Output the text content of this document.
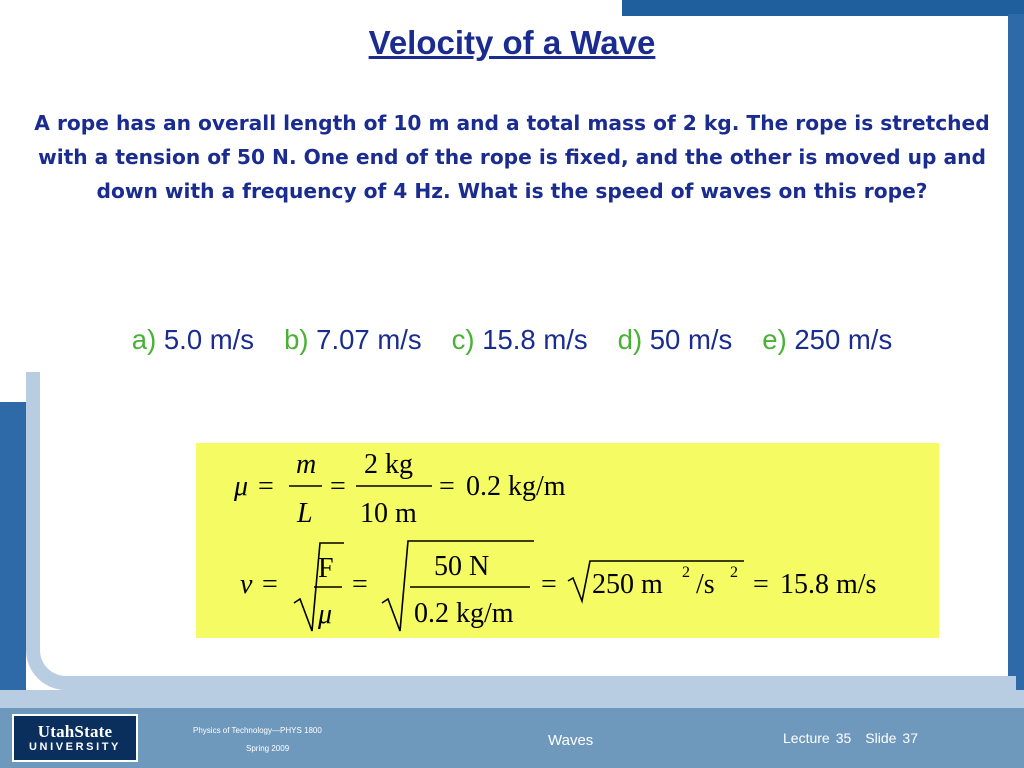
Velocity of a Wave
A rope has an overall length of 10 m and a total mass of 2 kg. The rope is stretched with a tension of 50 N. One end of the rope is fixed, and the other is moved up and down with a frequency of 4 Hz. What is the speed of waves on this rope?
a) 5.0 m/s b) 7.07 m/s c) 15.8 m/s d) 50 m/s e) 250 m/s
μ =
m
L
=
2 kg
10 m
= 0.2 kg/m
ν =
F
μ
=
50 N
0.2 kg/m
= 250 m 2 /s 2 = 15.8 m/s
UtahState
UNIVERSITY
Physics of Technology—PHYS 1800
Spring 2009	Waves	Lecture 35 Slide 37
